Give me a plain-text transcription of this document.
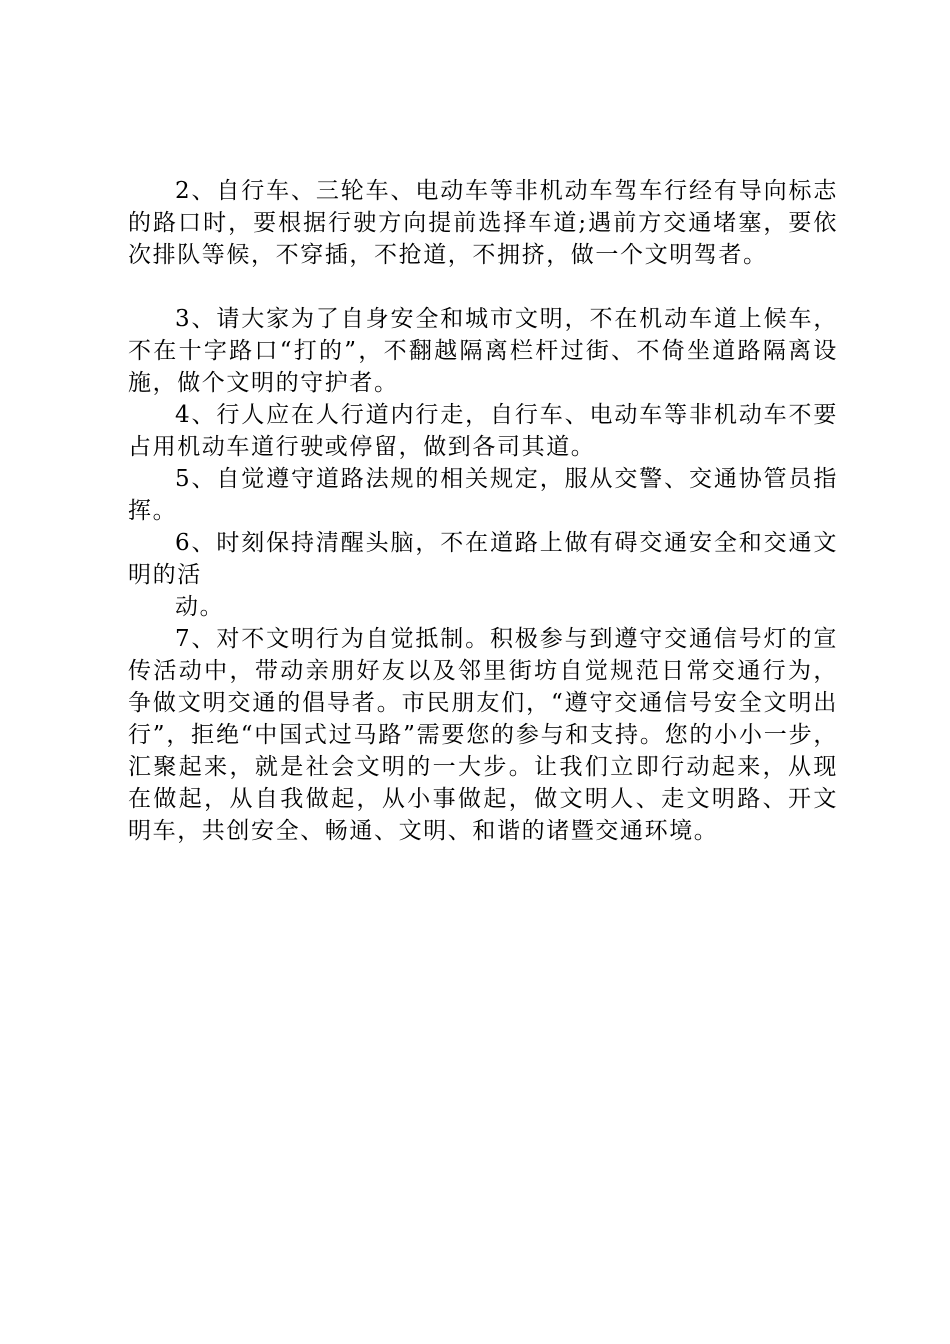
2、自行车、三轮车、电动车等非机动车驾车行经有导向标志的路口时，要根据行驶方向提前选择车道;遇前方交通堵塞，要依次排队等候，不穿插，不抢道，不拥挤，做一个文明驾者。

3、请大家为了自身安全和城市文明，不在机动车道上候车，不在十字路口“打的”，不翻越隔离栏杆过街、不倚坐道路隔离设施，做个文明的守护者。

4、行人应在人行道内行走，自行车、电动车等非机动车不要占用机动车道行驶或停留，做到各司其道。

5、自觉遵守道路法规的相关规定，服从交警、交通协管员指挥。

6、时刻保持清醒头脑，不在道路上做有碍交通安全和交通文明的活

动。

7、对不文明行为自觉抵制。积极参与到遵守交通信号灯的宣传活动中，带动亲朋好友以及邻里街坊自觉规范日常交通行为，争做文明交通的倡导者。市民朋友们，“遵守交通信号安全文明出行”，拒绝“中国式过马路”需要您的参与和支持。您的小小一步，汇聚起来，就是社会文明的一大步。让我们立即行动起来，从现在做起，从自我做起，从小事做起，做文明人、走文明路、开文明车，共创安全、畅通、文明、和谐的诸暨交通环境。
